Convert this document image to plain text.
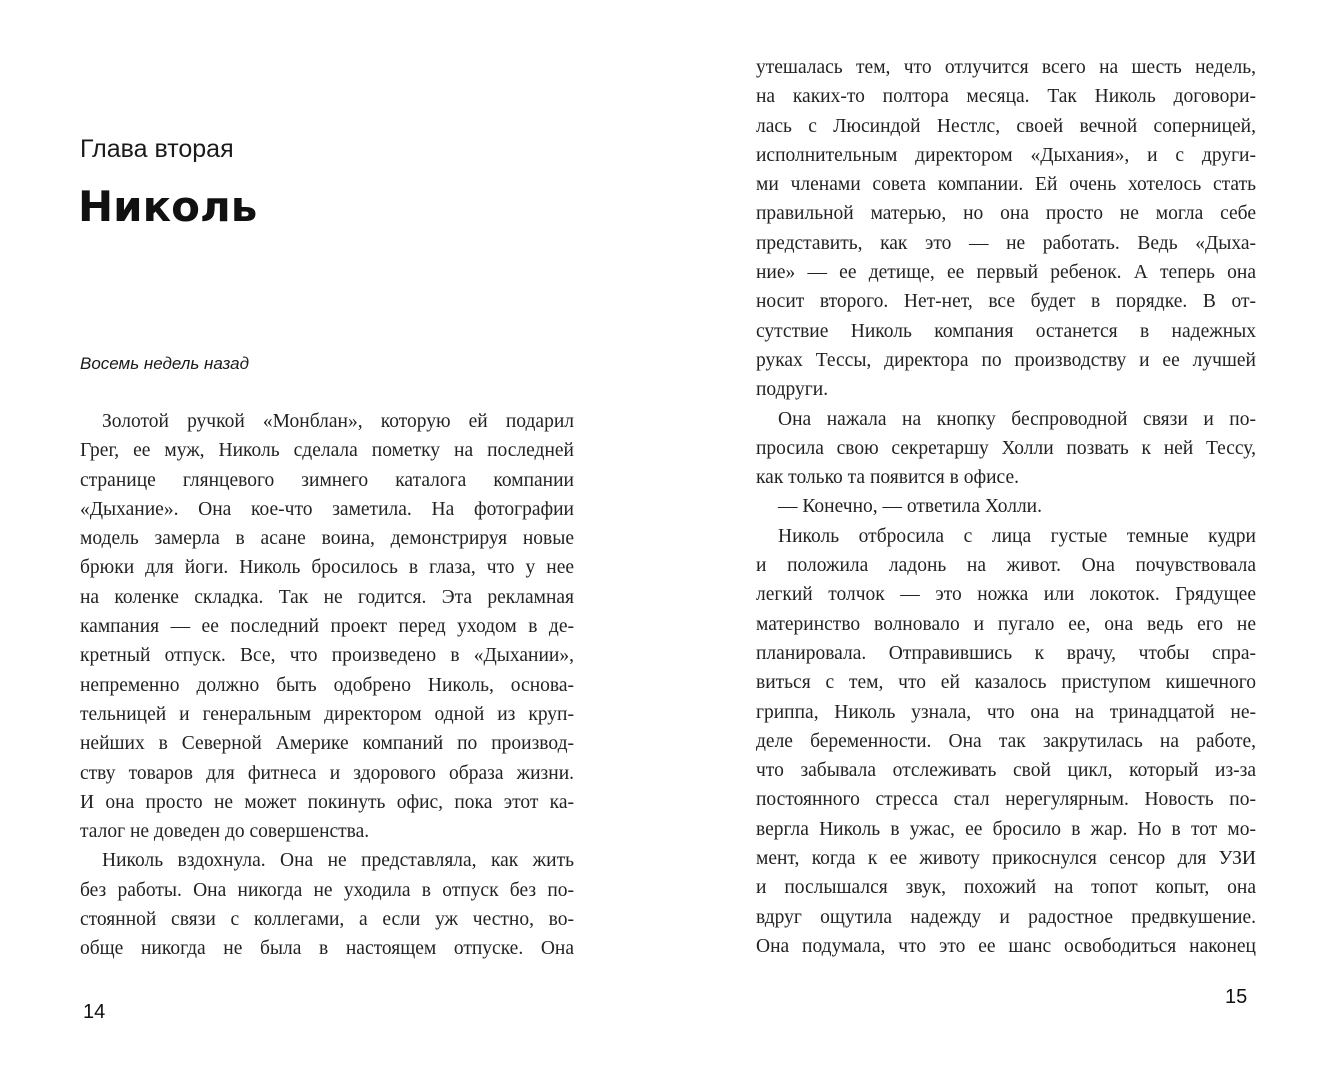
Глава вторая
Николь
Восемь недель назад
Золотой ручкой «Монблан», которую ей подарил
Грег, ее муж, Николь сделала пометку на последней
странице глянцевого зимнего каталога компании
«Дыхание». Она кое-что заметила. На фотографии
модель замерла в асане воина, демонстрируя новые
брюки для йоги. Николь бросилось в глаза, что у нее
на коленке складка. Так не годится. Эта рекламная
кампания — ее последний проект перед уходом в де-
кретный отпуск. Все, что произведено в «Дыхании»,
непременно должно быть одобрено Николь, основа-
тельницей и генеральным директором одной из круп-
нейших в Северной Америке компаний по производ-
ству товаров для фитнеса и здорового образа жизни.
И она просто не может покинуть офис, пока этот ка-
талог не доведен до совершенства.
Николь вздохнула. Она не представляла, как жить
без работы. Она никогда не уходила в отпуск без по-
стоянной связи с коллегами, а если уж честно, во-
обще никогда не была в настоящем отпуске. Она
14
утешалась тем, что отлучится всего на шесть недель,
на каких-то полтора месяца. Так Николь договори-
лась с Люсиндой Нестлс, своей вечной соперницей,
исполнительным директором «Дыхания», и с други-
ми членами совета компании. Ей очень хотелось стать
правильной матерью, но она просто не могла себе
представить, как это — не работать. Ведь «Дыха-
ние» — ее детище, ее первый ребенок. А теперь она
носит второго. Нет-нет, все будет в порядке. В от-
сутствие Николь компания останется в надежных
руках Тессы, директора по производству и ее лучшей
подруги.
Она нажала на кнопку беспроводной связи и по-
просила свою секретаршу Холли позвать к ней Тессу,
как только та появится в офисе.
— Конечно, — ответила Холли.
Николь отбросила с лица густые темные кудри
и положила ладонь на живот. Она почувствовала
легкий толчок — это ножка или локоток. Грядущее
материнство волновало и пугало ее, она ведь его не
планировала. Отправившись к врачу, чтобы спра-
виться с тем, что ей казалось приступом кишечного
гриппа, Николь узнала, что она на тринадцатой не-
деле беременности. Она так закрутилась на работе,
что забывала отслеживать свой цикл, который из-за
постоянного стресса стал нерегулярным. Новость по-
вергла Николь в ужас, ее бросило в жар. Но в тот мо-
мент, когда к ее животу прикоснулся сенсор для УЗИ
и послышался звук, похожий на топот копыт, она
вдруг ощутила надежду и радостное предвкушение.
Она подумала, что это ее шанс освободиться наконец
15
